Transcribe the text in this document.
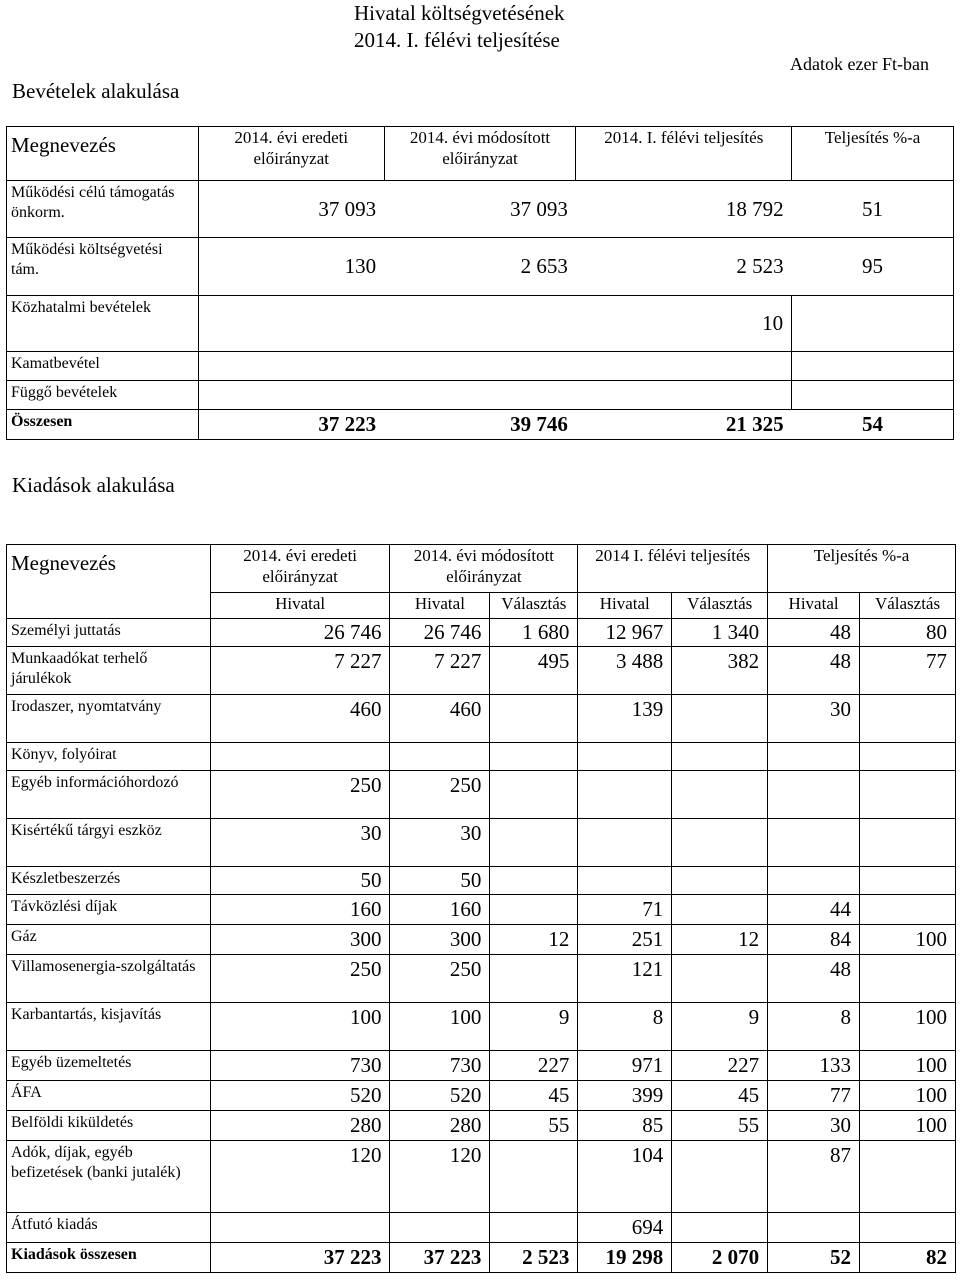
Hivatal költségvetésének
2014. I. félévi teljesítése
Bevételek alakulása
Adatok ezer Ft-ban
Megnevezés	2014. évi eredeti előirányzat	2014. évi módosított előirányzat	2014. I. félévi teljesítés	Teljesítés %-a
Működési célú támogatás önkorm.	37 093	37 093	18 792	51
Működési költségvetési tám.	130	2 653	2 523	95
Közhatalmi bevételek			10	
Kamatbevétel				
Függő bevételek				
Összesen	37 223	39 746	21 325	54
Kiadások alakulása
Megnevezés	2014. évi eredeti előirányzat	2014. évi módosított előirányzat		2014 I. félévi teljesítés		Teljesítés %-a	
	Hivatal	Hivatal	Választás	Hivatal	Választás	Hivatal	Választás
Személyi juttatás	26 746	26 746	1 680	12 967	1 340	48	80
Munkaadókat terhelő járulékok	7 227	7 227	495	3 488	382	48	77
Irodaszer, nyomtatvány	460	460		139		30	
Könyv, folyóirat							
Egyéb információhordozó	250	250					
Kisértékű tárgyi eszköz	30	30					
Készletbeszerzés	50	50					
Távközlési díjak	160	160		71		44	
Gáz	300	300	12	251	12	84	100
Villamosenergia-szolgáltatás	250	250		121		48	
Karbantartás, kisjavítás	100	100	9	8	9	8	100
Egyéb üzemeltetés	730	730	227	971	227	133	100
ÁFA	520	520	45	399	45	77	100
Belföldi kiküldetés	280	280	55	85	55	30	100
Adók, díjak, egyéb befizetések (banki jutalék)	120	120		104		87	
Átfutó kiadás				694			
Kiadások összesen	37 223	37 223	2 523	19 298	2 070	52	82
